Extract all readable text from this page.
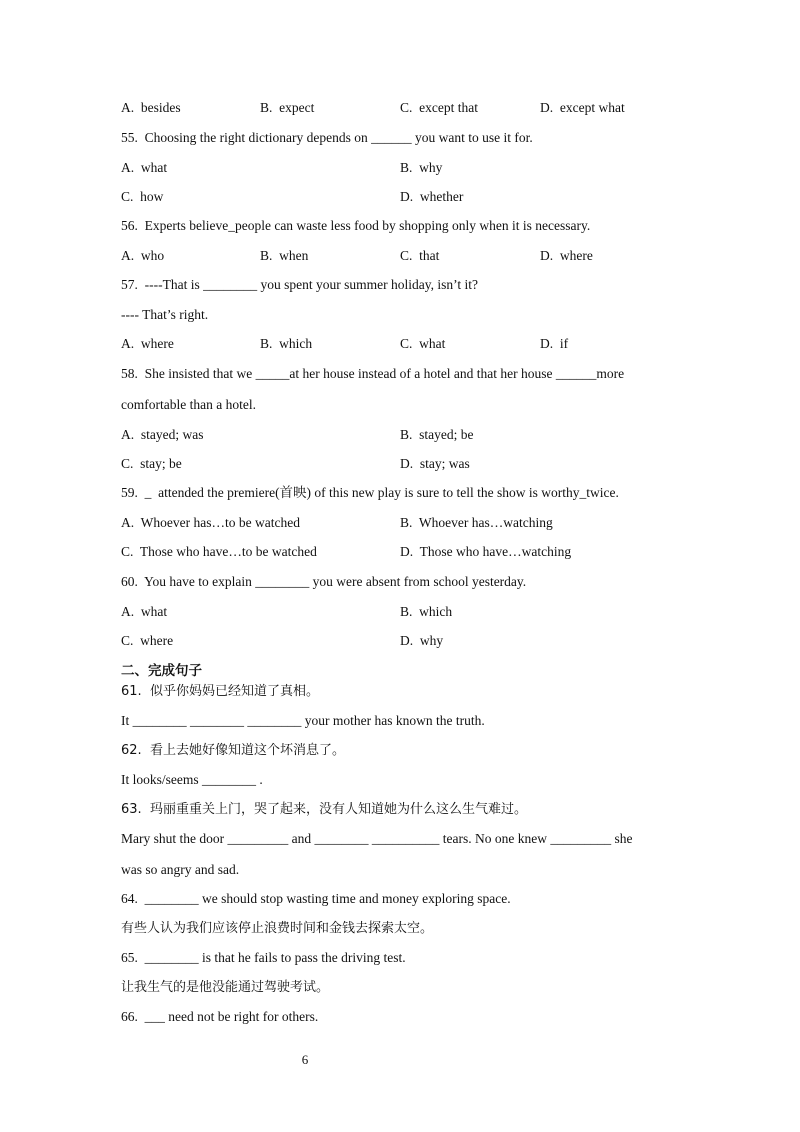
A.  besides	B.  expect	C.  except that	D.  except what
55.  Choosing the right dictionary depends on ______ you want to use it for.
A.  what	B.  why
C.  how	D.  whether
56.  Experts believe_people can waste less food by shopping only when it is necessary.
A.  who	B.  when	C.  that	D.  where
57.  ----That is ________ you spent your summer holiday, isn’t it?
---- That’s right.
A.  where	B.  which	C.  what	D.  if
58.  She insisted that we _____at her house instead of a hotel and that her house ______more
comfortable than a hotel.
A.  stayed; was	B.  stayed; be
C.  stay; be	D.  stay; was
59.  _  attended the premiere(首映) of this new play is sure to tell the show is worthy_twice.
A.  Whoever has…to be watched	B.  Whoever has…watching
C.  Those who have…to be watched	D.  Those who have…watching
60.  You have to explain ________ you were absent from school yesterday.
A.  what	B.  which
C.  where	D.  why
二、完成句子
61.  似乎你妈妈已经知道了真相。
It ________ ________ ________ your mother has known the truth.
62.  看上去她好像知道这个坏消息了。
It looks/seems ________ .
63.  玛丽重重关上门，哭了起来，没有人知道她为什么这么生气难过。
Mary shut the door _________ and ________ __________ tears. No one knew _________ she
was so angry and sad.
64.  ________ we should stop wasting time and money exploring space.
有些人认为我们应该停止浪费时间和金钱去探索太空。
65.  ________ is that he fails to pass the driving test.
让我生气的是他没能通过驾驶考试。
66.  ___ need not be right for others.
6
